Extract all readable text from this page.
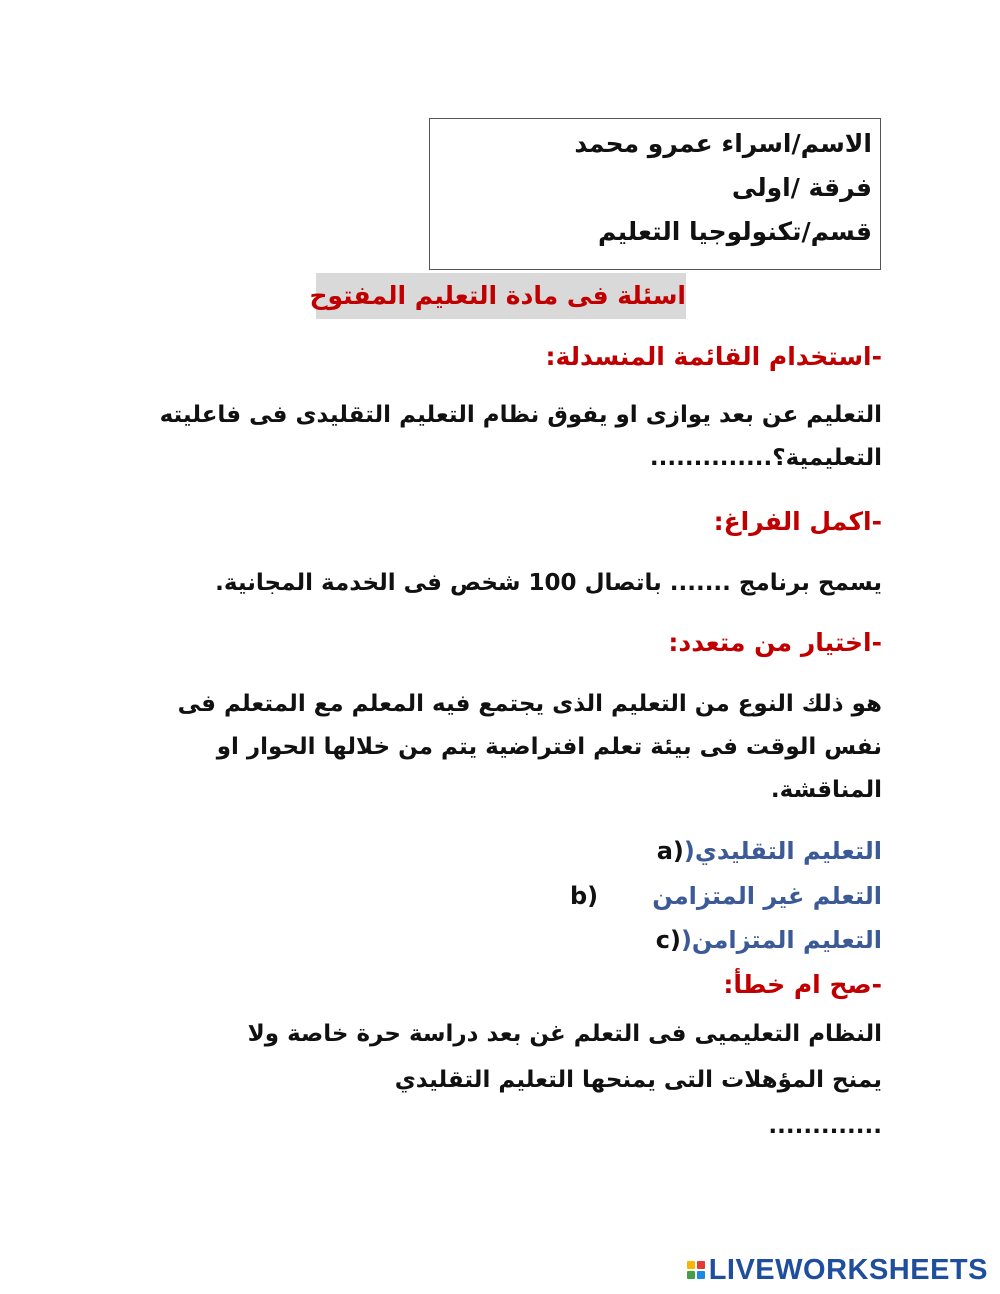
الاسم/اسراء عمرو محمد
فرقة /اولى
قسم/تكنولوجيا التعليم
اسئلة فى مادة التعليم المفتوح
-استخدام القائمة المنسدلة:
التعليم عن بعد يوازى او يفوق نظام التعليم التقليدى فى فاعليته
التعليمية؟..............
-اكمل الفراغ:
يسمح برنامج ....... باتصال 100 شخص فى الخدمة المجانية.
-اختيار من متعدد:
هو ذلك النوع من التعليم الذى يجتمع فيه المعلم مع المتعلم فى
نفس الوقت فى بيئة تعلم افتراضية يتم من خلالها الحوار او
المناقشة.
التعليم التقليدي(a)
التعلم غير المتزامن
b)
التعليم المتزامن(c)
-صح ام خطأ:
النظام التعليميى فى التعلم غن بعد دراسة حرة خاصة ولا
يمنح المؤهلات التى يمنحها التعليم التقليدي
.............
LIVEWORKSHEETS
